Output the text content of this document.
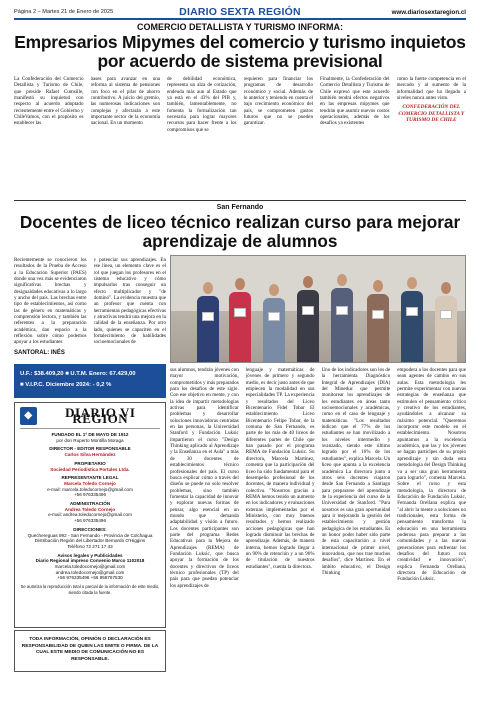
Página 2 – Martes 21 de Enero de 2025	DIARIO SEXTA REGIÓN	www.diariosextaregion.cl
COMERCIO DETALLISTA Y TURISMO INFORMA:
Empresarios Mipymes del comercio y turismo inquietos por acuerdo de sistema previsional
La Confederación del Comercio Detallista y Turismo de Chile, que preside Rafael Cumsille, manifestó su inquietud con respecto al acuerdo adoptado recientemente entre el Gobierno y ChileVamos, con el propósito es establecer las
bases para avanzar en una reforma al sistema de pensiones con foco en el pilar de ahorro contributivo. A juicio del gremio, las numerosas indicaciones son complejas y afectarán a este importante sector de la economía nacional. En un momento
de debilidad económica, representa un alza de cotización, endeuda más aun al Estado que ya está en el 43% del PIB y, también, lamentablemente, no fomenta la formalización tan necesaria para lograr mayores recursos para hacer frente a los compromisos que se
requieren para financiar los programas de desarrollo económico y social. Además de lo anterior y teniendo en cuenta el bajo crecimiento económico del país, se comprometen gastos futuros que no se pueden garantizar.
Finalmente, la Confederación del Comercio Detallista y Turismo de Chile expresó que este acuerdo también tendrá efectos negativos en las empresas mipymes que tendrán que asumir nuevos costos operacionales, además de los desafíos ya existentes
como la fuerte competencia en el mercado y al sumento de la informalidad que ha llegado a niveles nunca antes visto.
CONFEDERACIÓN DEL COMERCIO DETALLISTA Y TURISMO DE CHILE
San Fernando
Docentes de liceo técnico realizan curso para mejorar aprendizaje de alumnos
Recientemente se conocieron los resultados de la Prueba de Acceso a la Educación Superior (PAES) donde una vez más se evidenciaron significativas brechas y desigualdades educativas a lo largo y ancho del país. Las brechas entre tipo de establecimientos, así como las de género en matemáticas y comprensión lectora, y también las referentes a la preparación académica, dan espacio a la reflexión sobre cómo podemos apoyar a los estudiantes
y potenciar sus aprendizajes. En ese línea, un elemento clave es el rol que juegan los profesores en el sistema educativo y cómo impulsarlos tras conseguir un efecto multiplicador y "de dominó". La evidencia muestra que un profesor que cuenta con herramientas pedagógicas efectivas y atractivas tendrá una mejora en la calidad de la enseñanza. Por otro lado, quienes se capaciten en el fortalecimiento de habilidades socioemocionales de
SANTORAL: INÉS
U.F.: $38.409,20 ■ U.T.M. Enero: 67.429,00
■ V.I.P.C. Diciembre 2024: - 0,2 %
sus alumnos, tendrán jóvenes con mayor motivación, comprometidos y más preparados para los desafíos de este siglo. Con ese objetivo en mente, y con la idea de impartir metodologías activas para identificar problemas y desarrollar soluciones innovadoras centradas en las personas, la Universidad Stanford y Fundación Luksic impartieron el curso "Design Thinking aplicado al Aprendizaje y la Enseñanza en el Aula" a más de 30 docentes de establecimientos técnico profesionales del país. El curso busca explicar cómo a través del diseño se puede no solo resolver problemas, sino también fomentar la capacidad de innovar y explorar nuevas formas de pensar, algo esencial en un mundo que demanda adaptabilidad y visión a futuro. Los docentes participantes son parte del programa Redes Educativas para la Mejora de Aprendizajes (REMA) de Fundación Luksic, que busca apoyar la formación de los docentes y directivos de liceos técnico profesionales (TP) del país para que puedan potenciar los aprendizajes de
lenguaje y matemáticas de jóvenes de primero y segundo medio, es decir justo antes de que empiecen la modalidad en sus especialidades TP. La experiencia y resultados del Liceo Bicentenario Fidel Tobar El establecimiento Liceo Bicentenario Felipe Tobar, de la comuna de San Fernando, es parte de los más de 40 liceos de diferentes partes de Chile que han pasado por el programa REMA de Fundación Luksic. Su directora, Marcela Martínez, comenta que la participación del liceo ha sido fundamental para el desempeño profesional de los docentes, de manera individual y colectiva. "Nosotros gracias a REMA hemos tenido un aumento en los indicadores y evaluaciones externas implementadas por el Ministerio, con muy buenos resultados y hemos realizado acciones pedagógicas que han logrado disminuir las brechas de aprendizaje. Además, de manera interna, hemos logrado llegar a un 90% de retención y a un 96% de titulación de nuestros estudiantes", cuenta la directora.
Uno de los indicadores son los de la herramienta Diagnóstico Integral de Aprendizajes (DIA) del Mineduc que permite monitorear los aprendizajes de los estudiantes en áreas tanto socioemocionales y académicas, como en el caso de lenguaje y matemáticas. "Los resultados indican que el 77% de los estudiantes se han movilizado a los niveles intermedio y avanzado, siendo este último logrado por el 16% de los estudiantes", explica Marcela. Un liceo que apunta a la excelencia académica La directora junto a otros seis docentes viajaron desde San Fernando a Santiago para prepararse del aprendizaje de la experiencia del curso de la Universidad de Stanford. "Para nosotros es una gran oportunidad para ir mejorando la gestión del establecimiento y gestión pedagógica de los estudiantes. Es un honor poder haber sido parte de esta capacitación a nivel internacional de primer nivel, innovadora, que nos trae muchos desafíos", dice Martínez. En el ámbito educativo, el Design Thinking
empodera a los docentes para que sean agentes de cambio en sus aulas. Esta metodología les permite experimentar con nuevas estrategias de enseñanza que estimulen el pensamiento crítico y creativo de los estudiantes, ayudándoles a alcanzar su máximo potencial. "Queremos incorporar este modelo en el establecimiento. Nosotros apuntamos a la excelencia académica, que las y los jóvenes se hagan partícipes de su propio aprendizaje y sin duda esta metodología del Design Thinking va a ser una gran herramienta para lograrlo", comenta Marcela. Sobre el curso y esta metodología, la directora de Educación de Fundación Luksic, Fernanda Orellana explica que "al abrir la mente a soluciones no tradicionales, esta forma de pensamiento transforma la educación en una herramienta poderosa para preparar a las comunidades y a las nuevas generaciones para enfrentar los desafíos del futuro con creatividad e innovación", explica Fernanda Orellana, directora de Educación de Fundación Luksic.
◆	DIARIO VI REGION
FUNDADO EL 1º DE MAYO DE 1912
por don Ruperto Montilla Moraga
DIRECTOR - EDITOR RESPONSABLE
Carlos Silva Hernández
PROPIETARIO
Sociedad Periodística Portales Ltda.
REPRESENTANTE LEGAL
Marcela Toledo Cornejo
e-mail: marcela.toledocornejo@gmail.com
+56 976335496
ADMINISTRACIÓN
Andrea Toledo Cornejo
e-mail: andrea.toledocornejo@gmail.com
+56 976335496
DIRECCIONES:
Quechereguas 992 - San Fernando - Provincia de Colchagua
Distribución Región del Libertador Bernardo O'Higgins
Teléfono 72 271 17 43
Avisos legales y Publicidades
Diario Regional impreso Convenio Marco 1102018
marcela.toledocornejo@gmail.com andrea.toledocornejo@gmail.com
+56 976335496 +56 958767530
Se autoriza la reproducción total o parcial de la información de este medio, siendo citada la fuente.
TODA INFORMACIÓN, OPINIÓN O DECLARACIÓN ES RESPONSABILIDAD DE QUIEN LAS EMITE O FIRMA. DE LA CUAL ESTE MEDIO DE COMUNICACIÓN NO ES RESPONSABLE.
